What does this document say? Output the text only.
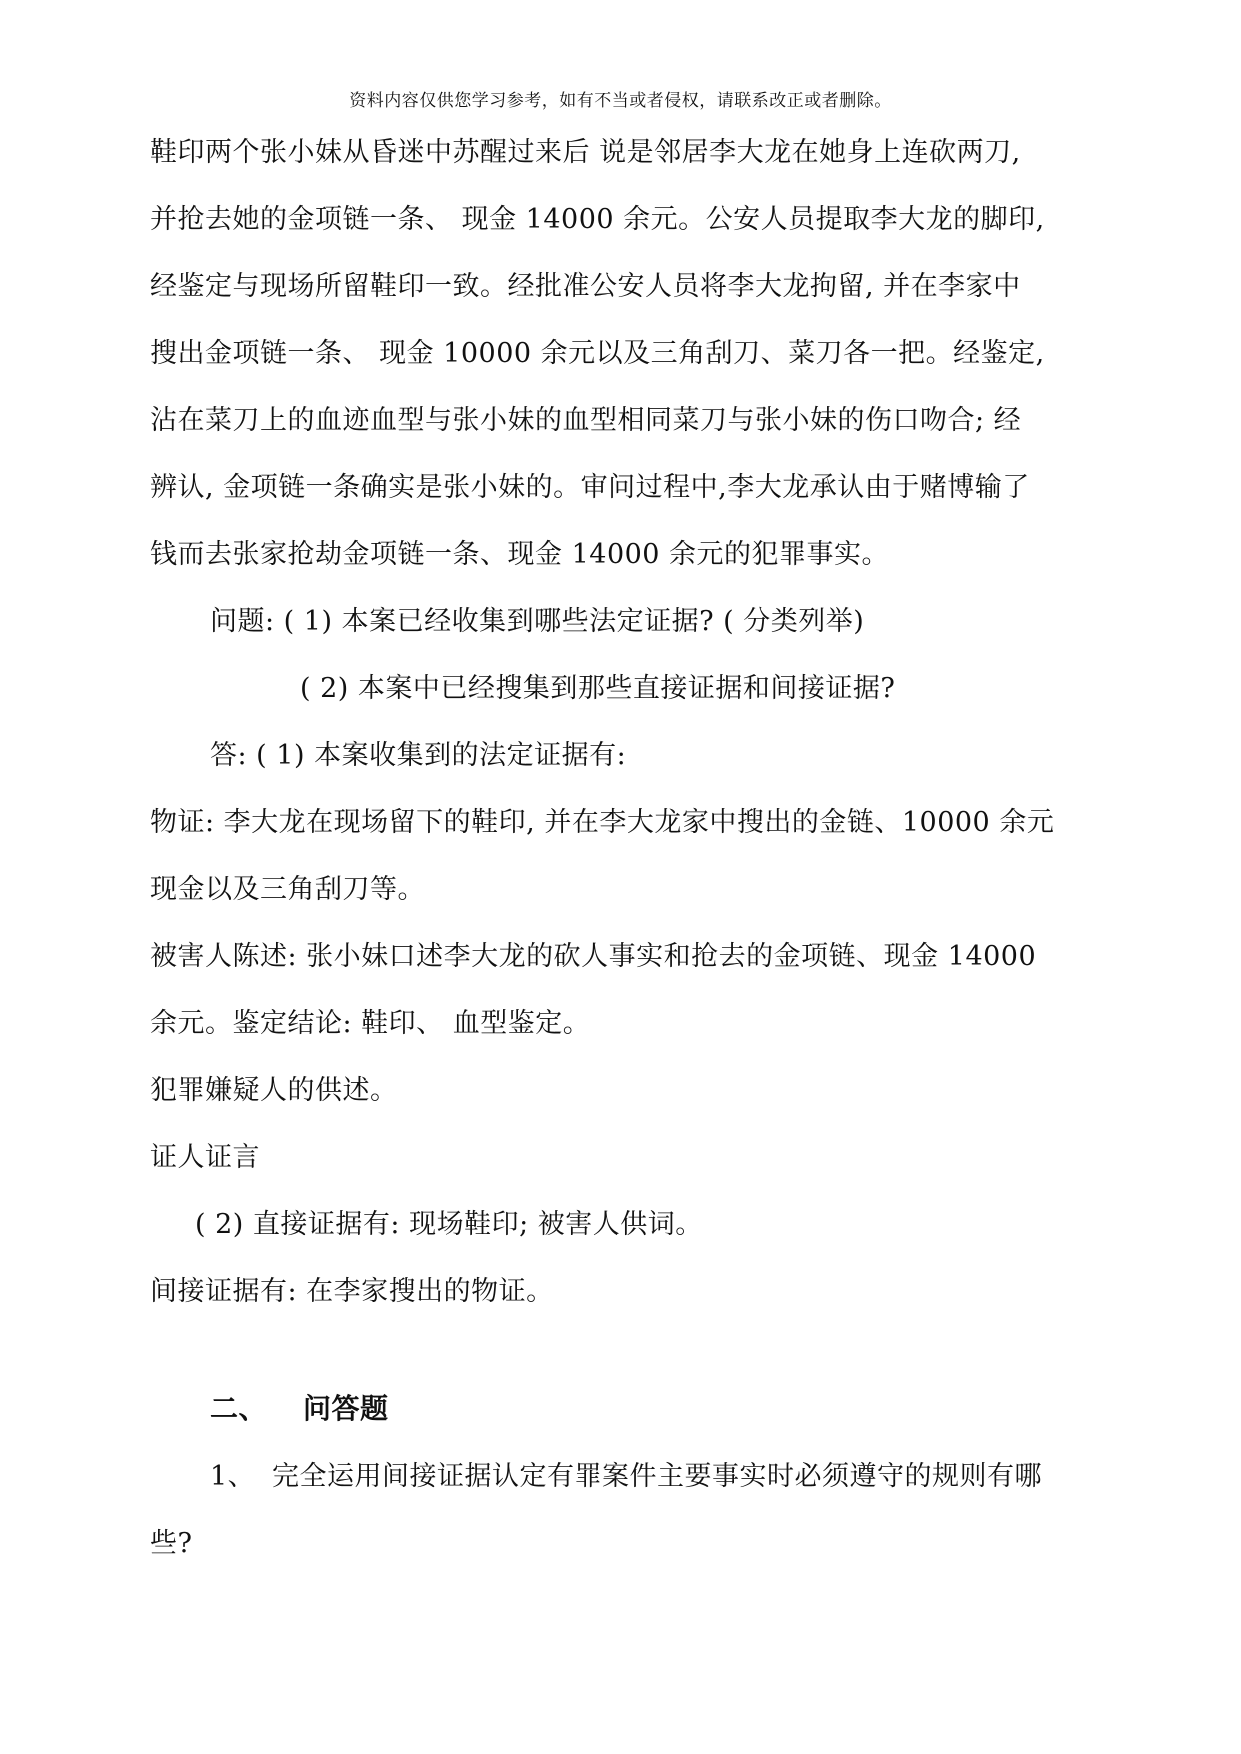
资料内容仅供您学习参考，如有不当或者侵权，请联系改正或者删除。
鞋印两个张小妹从昏迷中苏醒过来后 说是邻居李大龙在她身上连砍两刀,
并抢去她的金项链一条、 现金 14000 余元。公安人员提取李大龙的脚印,
经鉴定与现场所留鞋印一致。经批准公安人员将李大龙拘留, 并在李家中
搜出金项链一条、 现金 10000 余元以及三角刮刀、菜刀各一把。经鉴定,
沾在菜刀上的血迹血型与张小妹的血型相同菜刀与张小妹的伤口吻合; 经
辨认, 金项链一条确实是张小妹的。审问过程中,李大龙承认由于赌博输了
钱而去张家抢劫金项链一条、现金 14000 余元的犯罪事实。
问题: ( 1) 本案已经收集到哪些法定证据? ( 分类列举)
( 2) 本案中已经搜集到那些直接证据和间接证据?
答: ( 1) 本案收集到的法定证据有:
物证: 李大龙在现场留下的鞋印, 并在李大龙家中搜出的金链、10000 余元
现金以及三角刮刀等。
被害人陈述: 张小妹口述李大龙的砍人事实和抢去的金项链、现金 14000
余元。鉴定结论: 鞋印、 血型鉴定。
犯罪嫌疑人的供述。
证人证言
( 2) 直接证据有: 现场鞋印; 被害人供词。
间接证据有: 在李家搜出的物证。
二、 问答题
1、 完全运用间接证据认定有罪案件主要事实时必须遵守的规则有哪
些?
